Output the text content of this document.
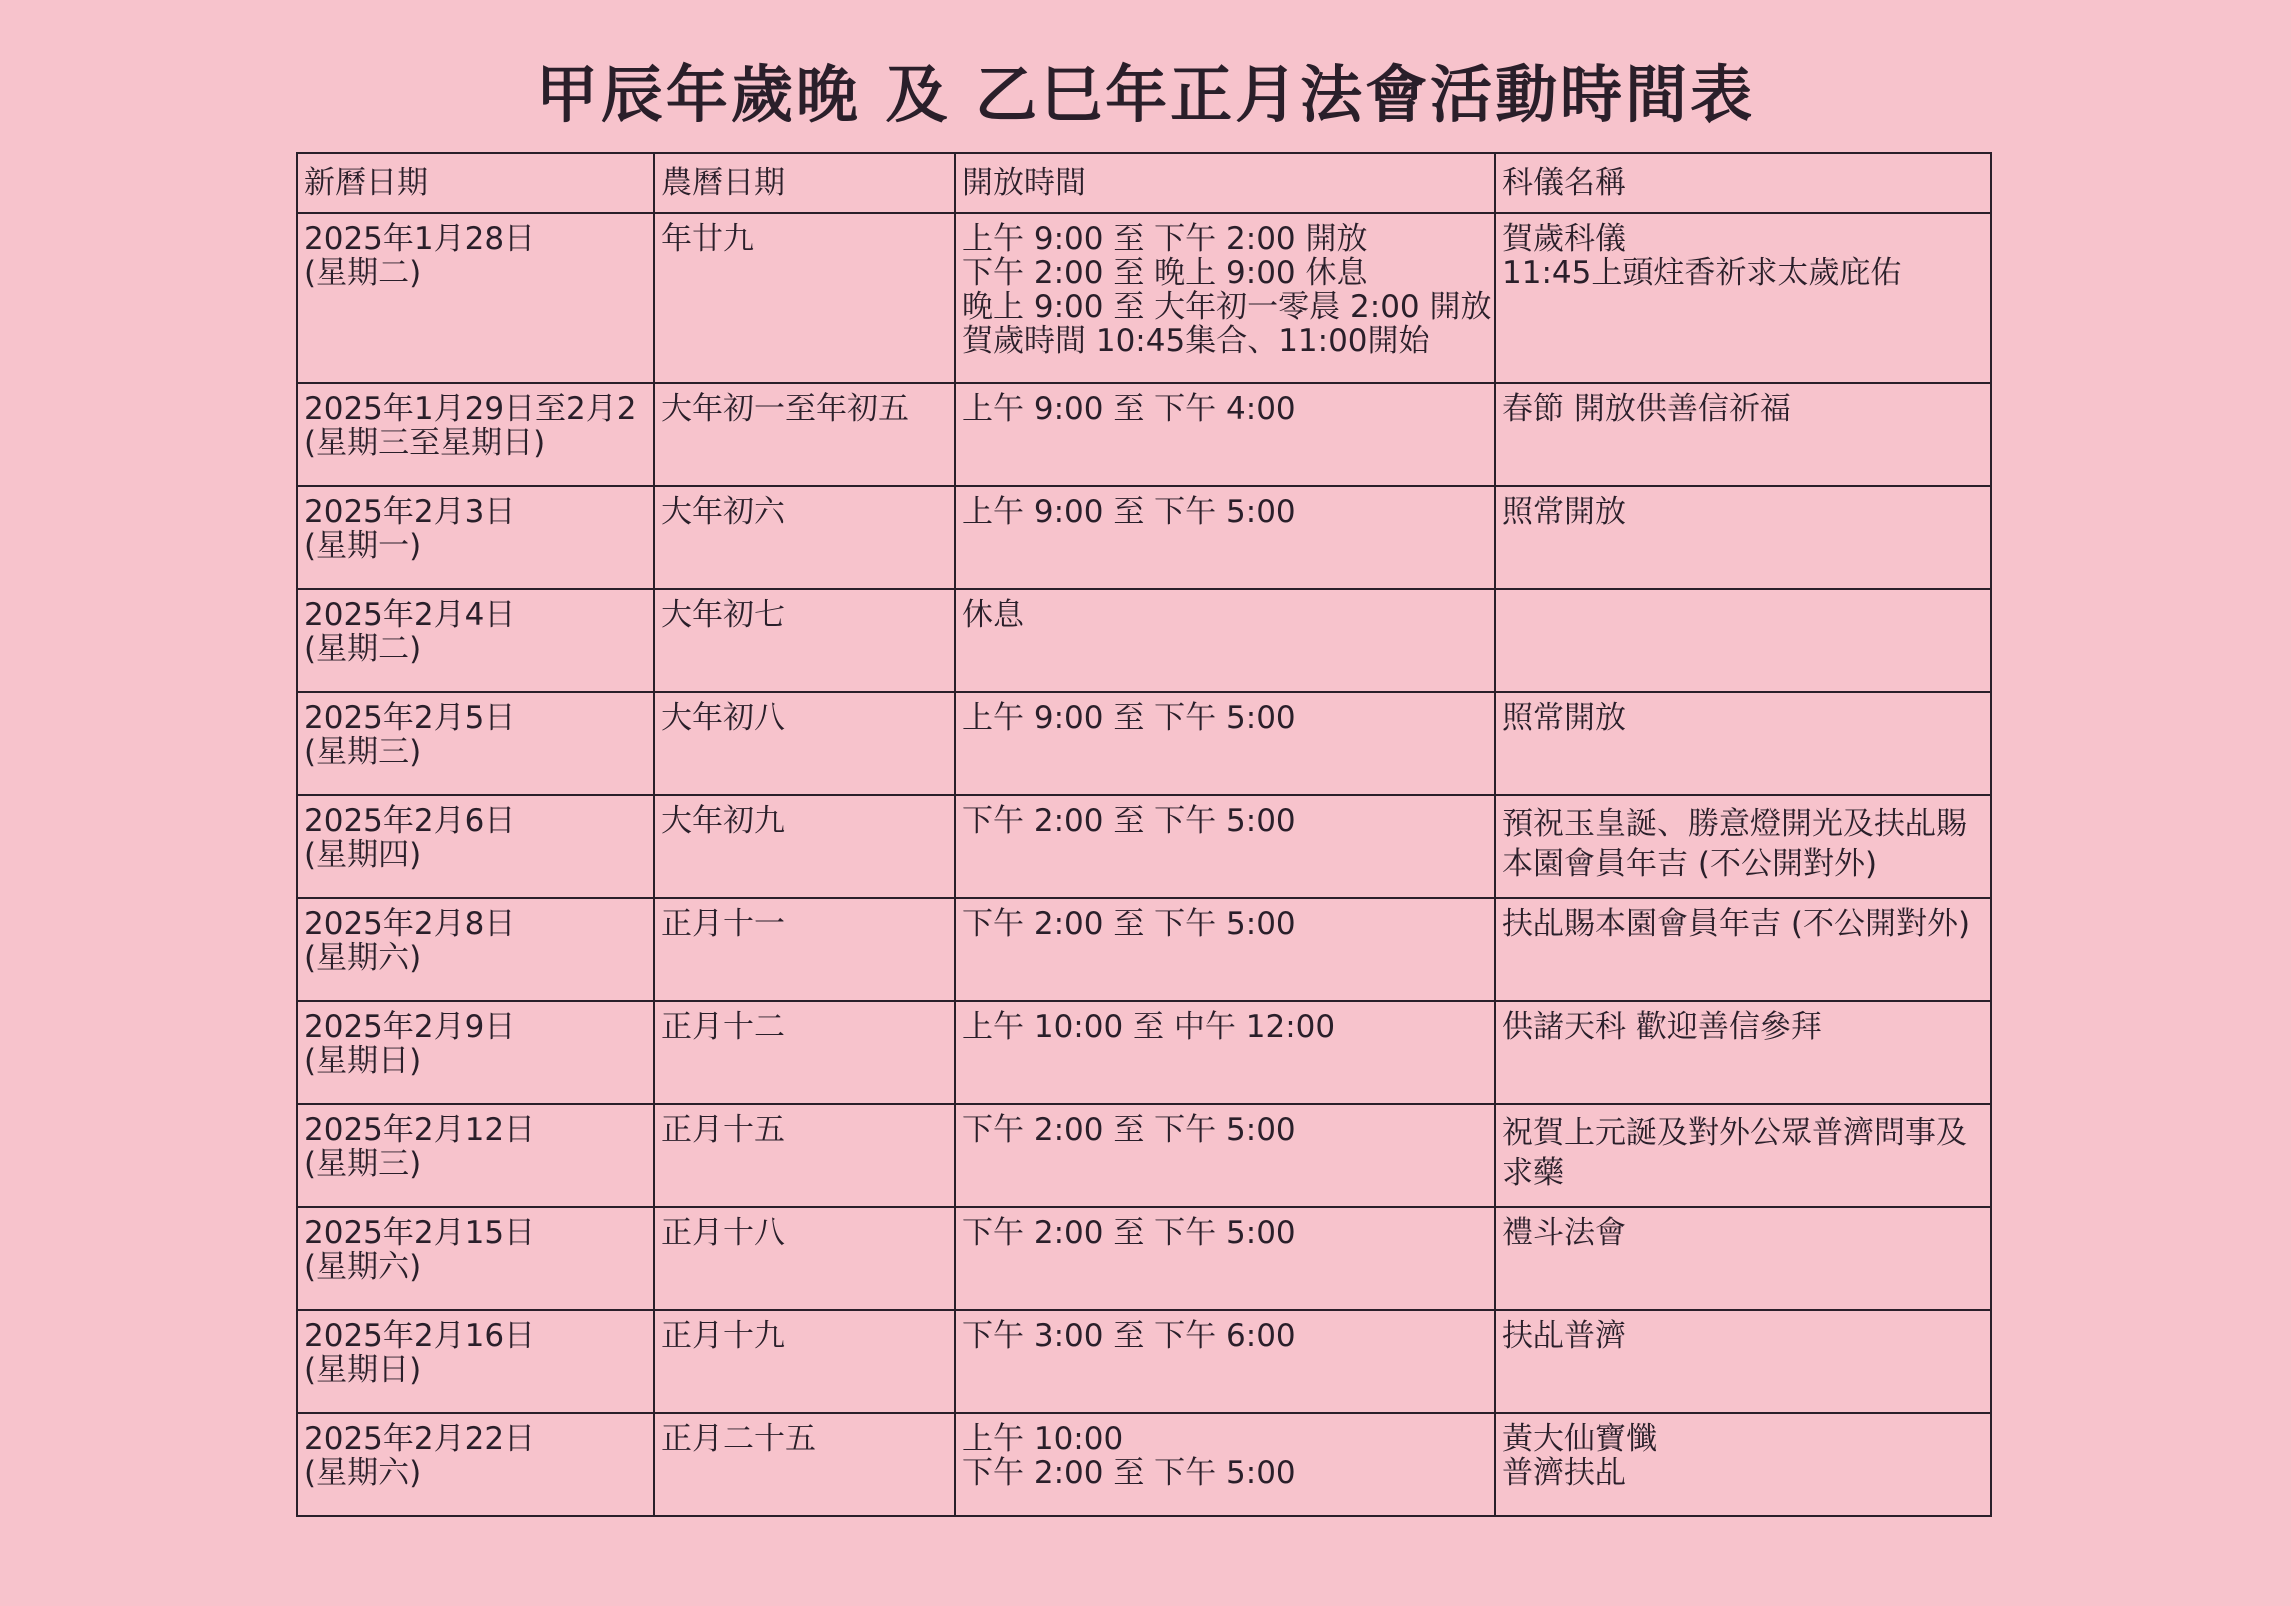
甲辰年歲晚 及 乙巳年正月法會活動時間表
新曆日期	農曆日期	開放時間	科儀名稱

2025年1月28日
(星期二)	年廿九	上午 9:00 至 下午 2:00 開放
下午 2:00 至 晚上 9:00 休息
晚上 9:00 至 大年初一零晨 2:00 開放
賀歲時間 10:45集合、11:00開始	賀歲科儀
11:45上頭炷香祈求太歲庇佑

2025年1月29日至2月2
(星期三至星期日)	大年初一至年初五	上午 9:00 至 下午 4:00	春節 開放供善信祈福

2025年2月3日
(星期一)	大年初六	上午 9:00 至 下午 5:00	照常開放

2025年2月4日
(星期二)	大年初七	休息	

2025年2月5日
(星期三)	大年初八	上午 9:00 至 下午 5:00	照常開放

2025年2月6日
(星期四)	大年初九	下午 2:00 至 下午 5:00	預祝玉皇誕、勝意燈開光及扶乩賜本園會員年吉 (不公開對外)

2025年2月8日
(星期六)	正月十一	下午 2:00 至 下午 5:00	扶乩賜本園會員年吉 (不公開對外)

2025年2月9日
(星期日)	正月十二	上午 10:00 至 中午 12:00	供諸天科 歡迎善信參拜

2025年2月12日
(星期三)	正月十五	下午 2:00 至 下午 5:00	祝賀上元誕及對外公眾普濟問事及求藥

2025年2月15日
(星期六)	正月十八	下午 2:00 至 下午 5:00	禮斗法會

2025年2月16日
(星期日)	正月十九	下午 3:00 至 下午 6:00	扶乩普濟

2025年2月22日
(星期六)	正月二十五	上午 10:00
下午 2:00 至 下午 5:00	黃大仙寶懺
普濟扶乩
